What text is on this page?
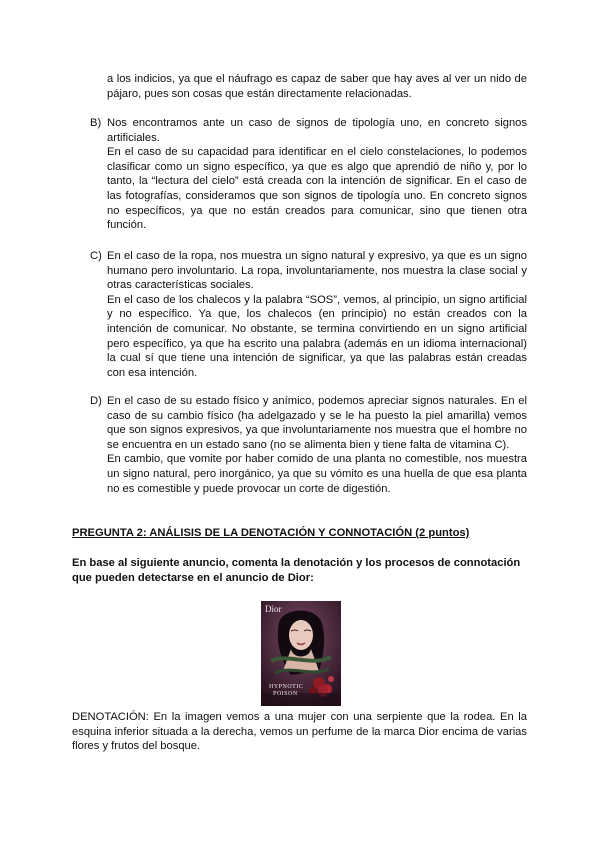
a los indicios, ya que el náufrago es capaz de saber que hay aves al ver un nido de pájaro, pues son cosas que están directamente relacionadas.

B) Nos encontramos ante un caso de signos de tipología uno, en concreto signos artificiales.

En el caso de su capacidad para identificar en el cielo constelaciones, lo podemos clasificar como un signo específico, ya que es algo que aprendió de niño y, por lo tanto, la “lectura del cielo” está creada con la intención de significar. En el caso de las fotografías, consideramos que son signos de tipología uno. En concreto signos no específicos, ya que no están creados para comunicar, sino que tienen otra función.

C) En el caso de la ropa, nos muestra un signo natural y expresivo, ya que es un signo humano pero involuntario. La ropa, involuntariamente, nos muestra la clase social y otras características sociales.

En el caso de los chalecos y la palabra “SOS”, vemos, al principio, un signo artificial y no específico. Ya que, los chalecos (en principio) no están creados con la intención de comunicar. No obstante, se termina convirtiendo en un signo artificial pero específico, ya que ha escrito una palabra (además en un idioma internacional) la cual sí que tiene una intención de significar, ya que las palabras están creadas con esa intención.

D) En el caso de su estado físico y anímico, podemos apreciar signos naturales. En el caso de su cambio físico (ha adelgazado y se le ha puesto la piel amarilla) vemos que son signos expresivos, ya que involuntariamente nos muestra que el hombre no se encuentra en un estado sano (no se alimenta bien y tiene falta de vitamina C).

En cambio, que vomite por haber comido de una planta no comestible, nos muestra un signo natural, pero inorgánico, ya que su vómito es una huella de que esa planta no es comestible y puede provocar un corte de digestión.

PREGUNTA 2: ANÁLISIS DE LA DENOTACIÓN Y CONNOTACIÓN (2 puntos)
En base al siguiente anuncio, comenta la denotación y los procesos de connotación que pueden detectarse en el anuncio de Dior:
Dior
HYPNOTIC
POISON

DENOTACIÓN: En la imagen vemos a una mujer con una serpiente que la rodea. En la esquina inferior situada a la derecha, vemos un perfume de la marca Dior encima de varias flores y frutos del bosque.
